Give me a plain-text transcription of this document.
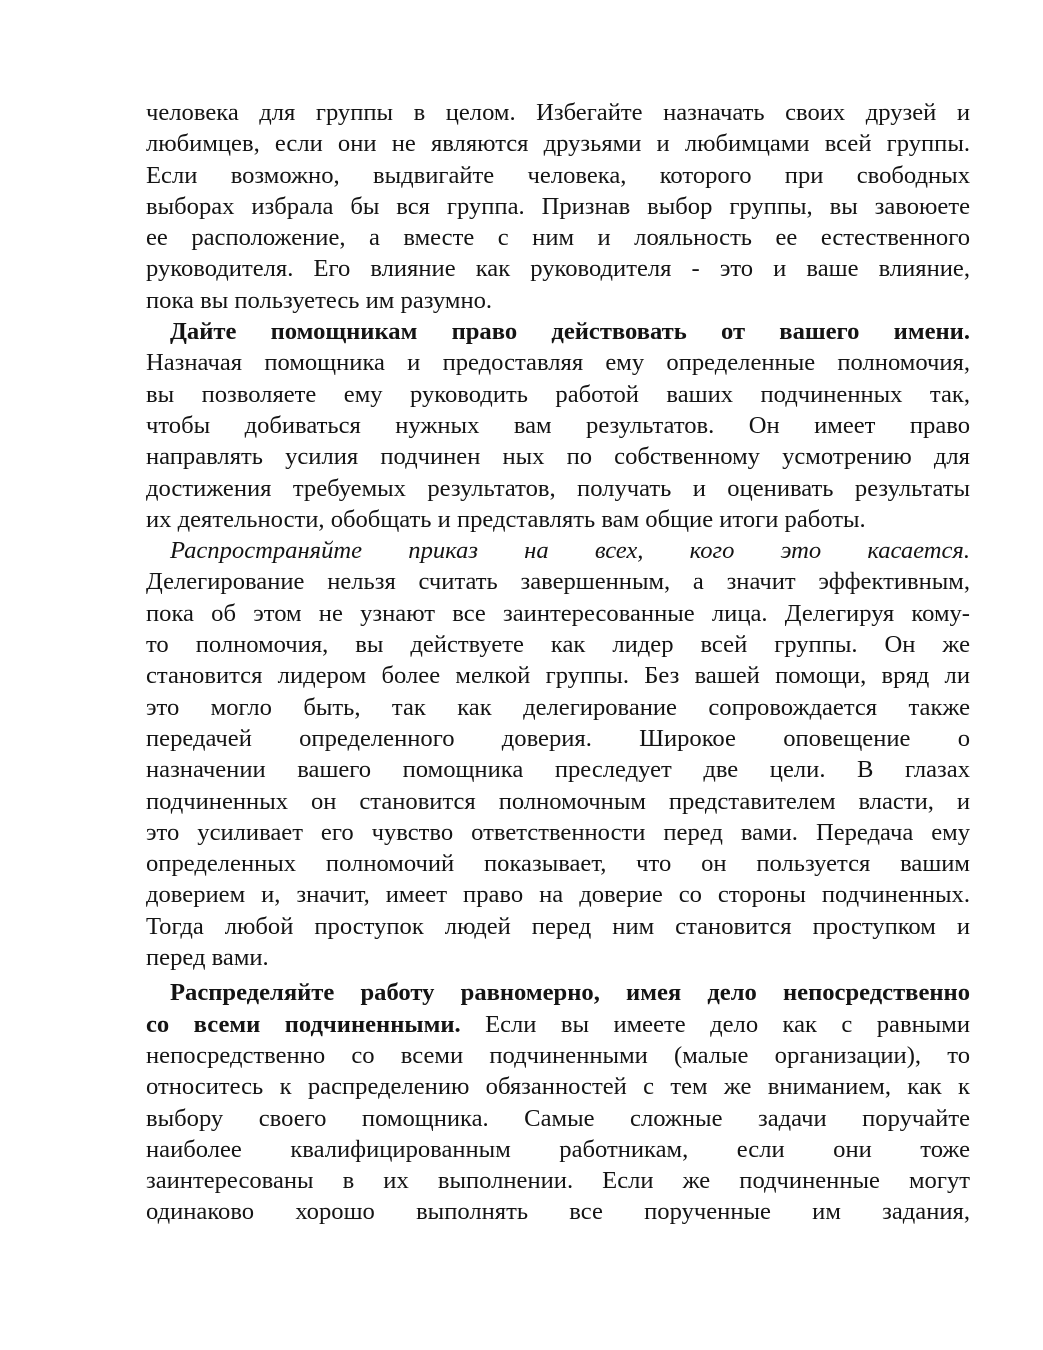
человека для группы в целом. Избегайте назначать своих друзей и
любимцев, если они не являются друзьями и любимцами всей группы.
Если возможно, выдвигайте человека, которого при свободных
выборах избрала бы вся группа. Признав выбор группы, вы завоюете
ее расположение, а вместе с ним и лояльность ее естественного
руководителя. Его влияние как руководителя - это и ваше влияние,
пока вы пользуетесь им разумно.
Дайте помощникам право действовать от вашего имени.
Назначая помощника и предоставляя ему определенные полномочия,
вы позволяете ему руководить работой ваших подчиненных так,
чтобы добиваться нужных вам результатов. Он имеет право
направлять усилия подчинен ных по собственному усмотрению для
достижения требуемых результатов, получать и оценивать результаты
их деятельности, обобщать и представлять вам общие итоги работы.
Распространяйте приказ на всех, кого это касается.
Делегирование нельзя считать завершенным, а значит эффективным,
пока об этом не узнают все заинтересованные лица. Делегируя кому-
то полномочия, вы действуете как лидер всей группы. Он же
становится лидером более мелкой группы. Без вашей помощи, вряд ли
это могло быть, так как делегирование сопровождается также
передачей определенного доверия. Широкое оповещение о
назначении вашего помощника преследует две цели. В глазах
подчиненных он становится полномочным представителем власти, и
это усиливает его чувство ответственности перед вами. Передача ему
определенных полномочий показывает, что он пользуется вашим
доверием и, значит, имеет право на доверие со стороны подчиненных.
Тогда любой проступок людей перед ним становится проступком и
перед вами.
Распределяйте работу равномерно, имея дело непосредственно
со всеми подчиненными. Если вы имеете дело как с равными
непосредственно со всеми подчиненными (малые организации), то
относитесь к распределению обязанностей с тем же вниманием, как к
выбору своего помощника. Самые сложные задачи поручайте
наиболее квалифицированным работникам, если они тоже
заинтересованы в их выполнении. Если же подчиненные могут
одинаково хорошо выполнять все порученные им задания,
